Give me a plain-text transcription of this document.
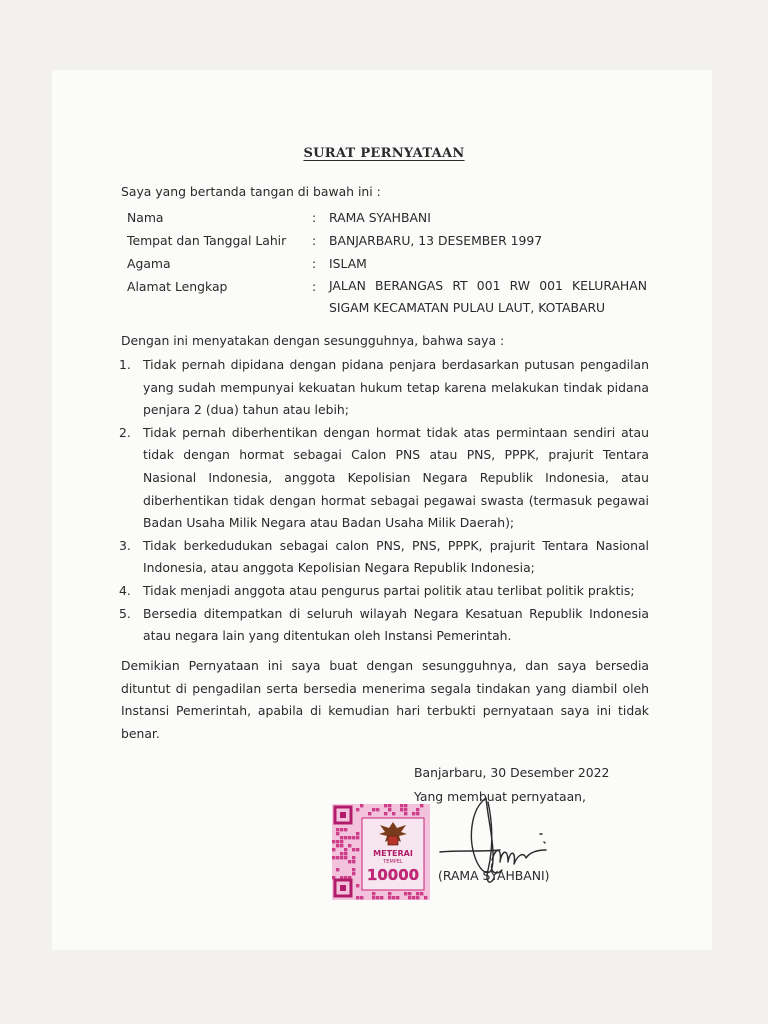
SURAT PERNYATAAN
Saya yang bertanda tangan di bawah ini :
Nama	: RAMA SYAHBANI
Tempat dan Tanggal Lahir : BANJARBARU, 13 DESEMBER 1997
Agama	: ISLAM
Alamat Lengkap	: JALAN BERANGAS RT 001 RW 001 KELURAHAN
SIGAM KECAMATAN PULAU LAUT, KOTABARU
Dengan ini menyatakan dengan sesungguhnya, bahwa saya :
1. Tidak pernah dipidana dengan pidana penjara berdasarkan putusan pengadilan yang sudah mempunyai kekuatan hukum tetap karena melakukan tindak pidana penjara 2 (dua) tahun atau lebih;
2. Tidak pernah diberhentikan dengan hormat tidak atas permintaan sendiri atau tidak dengan hormat sebagai Calon PNS atau PNS, PPPK, prajurit Tentara Nasional Indonesia, anggota Kepolisian Negara Republik Indonesia, atau diberhentikan tidak dengan hormat sebagai pegawai swasta (termasuk pegawai Badan Usaha Milik Negara atau Badan Usaha Milik Daerah);
3. Tidak berkedudukan sebagai calon PNS, PNS, PPPK, prajurit Tentara Nasional Indonesia, atau anggota Kepolisian Negara Republik Indonesia;
4. Tidak menjadi anggota atau pengurus partai politik atau terlibat politik praktis;
5. Bersedia ditempatkan di seluruh wilayah Negara Kesatuan Republik Indonesia atau negara lain yang ditentukan oleh Instansi Pemerintah.
Demikian Pernyataan ini saya buat dengan sesungguhnya, dan saya bersedia dituntut di pengadilan serta bersedia menerima segala tindakan yang diambil oleh Instansi Pemerintah, apabila di kemudian hari terbukti pernyataan saya ini tidak benar.
Banjarbaru, 30 Desember 2022
Yang membuat pernyataan,
METERAI
TEMPEL
10000 (RAMA SYAHBANI)
